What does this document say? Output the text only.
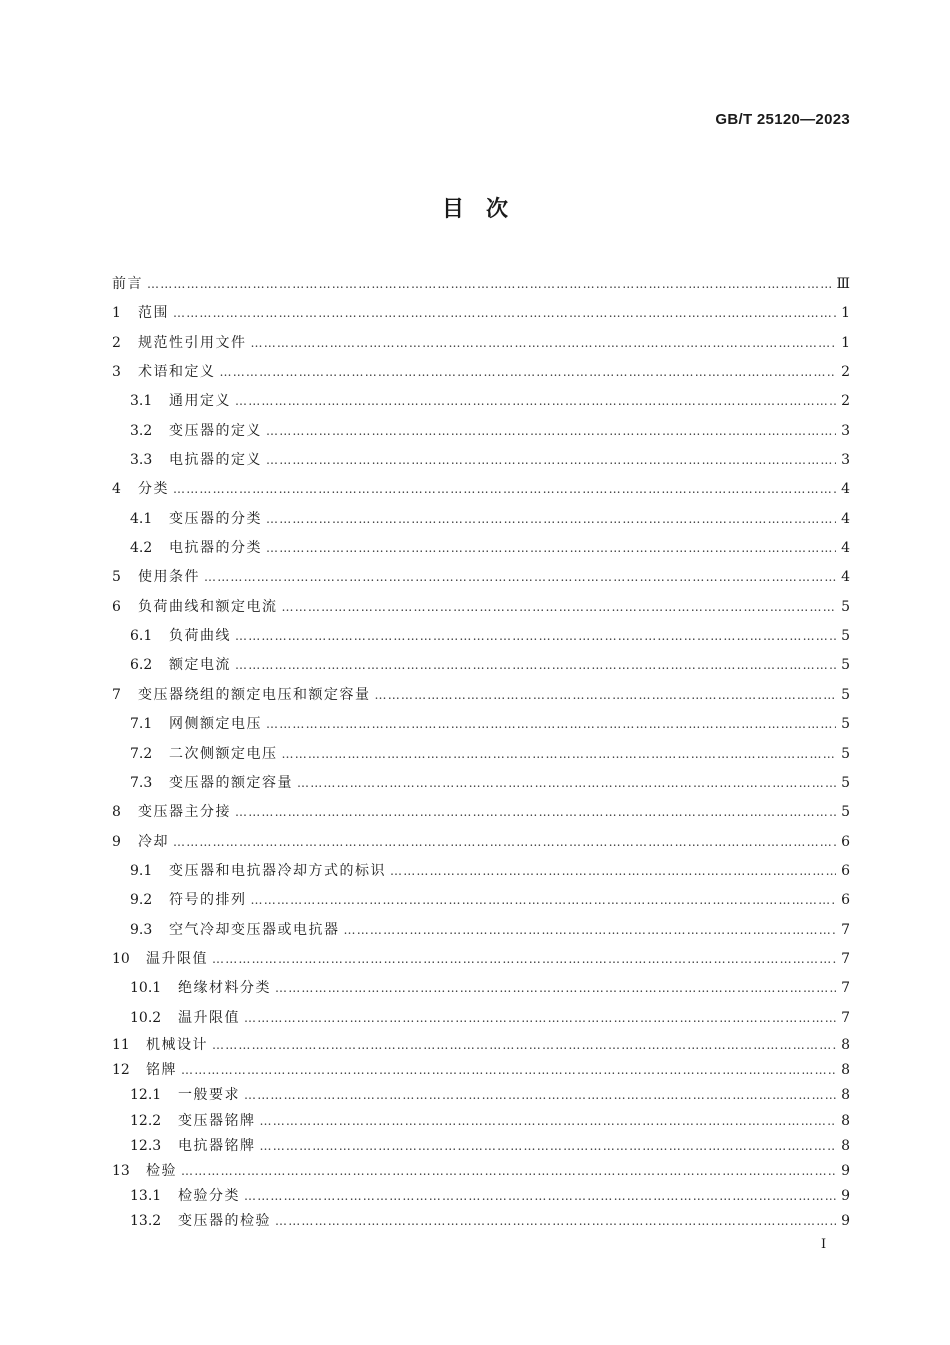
GB/T 25120—2023
目　次
前言 ……………………………………………………………………………………………………………………………………………………………………………………………………	Ⅲ
1	范围 ……………………………………………………………………………………………………………………………………………………………………………………………………	1
2	规范性引用文件 ……………………………………………………………………………………………………………………………………………………………………………………………………	1
3	术语和定义 ……………………………………………………………………………………………………………………………………………………………………………………………………	2
3.1	通用定义 ……………………………………………………………………………………………………………………………………………………………………………………………………	2
3.2	变压器的定义 ……………………………………………………………………………………………………………………………………………………………………………………………………	3
3.3	电抗器的定义 ……………………………………………………………………………………………………………………………………………………………………………………………………	3
4	分类 ……………………………………………………………………………………………………………………………………………………………………………………………………	4
4.1	变压器的分类 ……………………………………………………………………………………………………………………………………………………………………………………………………	4
4.2	电抗器的分类 ……………………………………………………………………………………………………………………………………………………………………………………………………	4
5	使用条件 ……………………………………………………………………………………………………………………………………………………………………………………………………	4
6	负荷曲线和额定电流 ……………………………………………………………………………………………………………………………………………………………………………………………………	5
6.1	负荷曲线 ……………………………………………………………………………………………………………………………………………………………………………………………………	5
6.2	额定电流 ……………………………………………………………………………………………………………………………………………………………………………………………………	5
7	变压器绕组的额定电压和额定容量 ……………………………………………………………………………………………………………………………………………………………………………………………………	5
7.1	网侧额定电压 ……………………………………………………………………………………………………………………………………………………………………………………………………	5
7.2	二次侧额定电压 ……………………………………………………………………………………………………………………………………………………………………………………………………	5
7.3	变压器的额定容量 ……………………………………………………………………………………………………………………………………………………………………………………………………	5
8	变压器主分接 ……………………………………………………………………………………………………………………………………………………………………………………………………	5
9	冷却 ……………………………………………………………………………………………………………………………………………………………………………………………………	6
9.1	变压器和电抗器冷却方式的标识 ……………………………………………………………………………………………………………………………………………………………………………………………………	6
9.2	符号的排列 ……………………………………………………………………………………………………………………………………………………………………………………………………	6
9.3	空气冷却变压器或电抗器 ……………………………………………………………………………………………………………………………………………………………………………………………………	7
10	温升限值 ……………………………………………………………………………………………………………………………………………………………………………………………………	7
10.1	绝缘材料分类 ……………………………………………………………………………………………………………………………………………………………………………………………………	7
10.2	温升限值 ……………………………………………………………………………………………………………………………………………………………………………………………………	7
11	机械设计 ……………………………………………………………………………………………………………………………………………………………………………………………………	8
12	铭牌 ……………………………………………………………………………………………………………………………………………………………………………………………………	8
12.1	一般要求 ……………………………………………………………………………………………………………………………………………………………………………………………………	8
12.2	变压器铭牌 ……………………………………………………………………………………………………………………………………………………………………………………………………	8
12.3	电抗器铭牌 ……………………………………………………………………………………………………………………………………………………………………………………………………	8
13	检验 ……………………………………………………………………………………………………………………………………………………………………………………………………	9
13.1	检验分类 ……………………………………………………………………………………………………………………………………………………………………………………………………	9
13.2	变压器的检验 ……………………………………………………………………………………………………………………………………………………………………………………………………	9
Ⅰ
